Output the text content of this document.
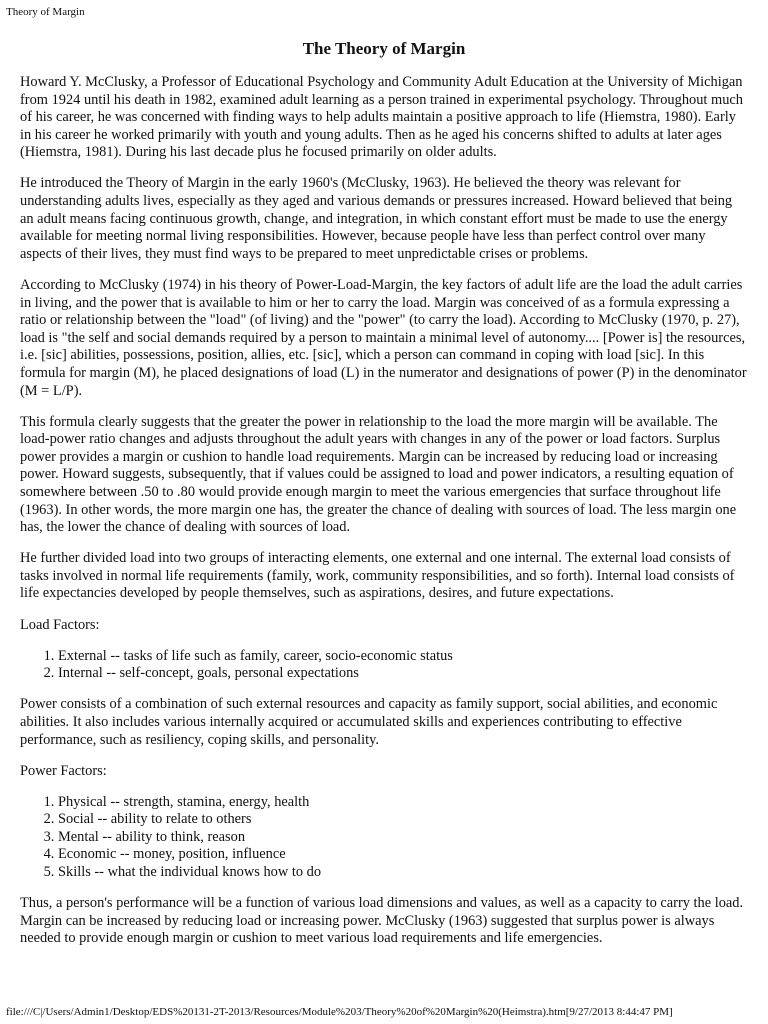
Theory of Margin
The Theory of Margin

Howard Y. McClusky, a Professor of Educational Psychology and Community Adult Education at the University of Michigan from 1924 until his death in 1982, examined adult learning as a person trained in experimental psychology. Throughout much of his career, he was concerned with finding ways to help adults maintain a positive approach to life (Hiemstra, 1980). Early in his career he worked primarily with youth and young adults. Then as he aged his concerns shifted to adults at later ages (Hiemstra, 1981). During his last decade plus he focused primarily on older adults.

He introduced the Theory of Margin in the early 1960's (McClusky, 1963). He believed the theory was relevant for understanding adults lives, especially as they aged and various demands or pressures increased. Howard believed that being an adult means facing continuous growth, change, and integration, in which constant effort must be made to use the energy available for meeting normal living responsibilities. However, because people have less than perfect control over many aspects of their lives, they must find ways to be prepared to meet unpredictable crises or problems.

According to McClusky (1974) in his theory of Power-Load-Margin, the key factors of adult life are the load the adult carries in living, and the power that is available to him or her to carry the load. Margin was conceived of as a formula expressing a ratio or relationship between the "load" (of living) and the "power" (to carry the load). According to McClusky (1970, p. 27), load is "the self and social demands required by a person to maintain a minimal level of autonomy.... [Power is] the resources, i.e. [sic] abilities, possessions, position, allies, etc. [sic], which a person can command in coping with load [sic]. In this formula for margin (M), he placed designations of load (L) in the numerator and designations of power (P) in the denominator (M = L/P).

This formula clearly suggests that the greater the power in relationship to the load the more margin will be available. The load-power ratio changes and adjusts throughout the adult years with changes in any of the power or load factors. Surplus power provides a margin or cushion to handle load requirements. Margin can be increased by reducing load or increasing power. Howard suggests, subsequently, that if values could be assigned to load and power indicators, a resulting equation of somewhere between .50 to .80 would provide enough margin to meet the various emergencies that surface throughout life (1963). In other words, the more margin one has, the greater the chance of dealing with sources of load. The less margin one has, the lower the chance of dealing with sources of load.

He further divided load into two groups of interacting elements, one external and one internal. The external load consists of tasks involved in normal life requirements (family, work, community responsibilities, and so forth). Internal load consists of life expectancies developed by people themselves, such as aspirations, desires, and future expectations.

Load Factors:

1. External -- tasks of life such as family, career, socio-economic status
2. Internal -- self-concept, goals, personal expectations

Power consists of a combination of such external resources and capacity as family support, social abilities, and economic abilities. It also includes various internally acquired or accumulated skills and experiences contributing to effective performance, such as resiliency, coping skills, and personality.

Power Factors:

1. Physical -- strength, stamina, energy, health
2. Social -- ability to relate to others
3. Mental -- ability to think, reason
4. Economic -- money, position, influence
5. Skills -- what the individual knows how to do

Thus, a person's performance will be a function of various load dimensions and values, as well as a capacity to carry the load. Margin can be increased by reducing load or increasing power. McClusky (1963) suggested that surplus power is always needed to provide enough margin or cushion to meet various load requirements and life emergencies.

file:///C|/Users/Admin1/Desktop/EDS%20131-2T-2013/Resources/Module%203/Theory%20of%20Margin%20(Heimstra).htm[9/27/2013 8:44:47 PM]
